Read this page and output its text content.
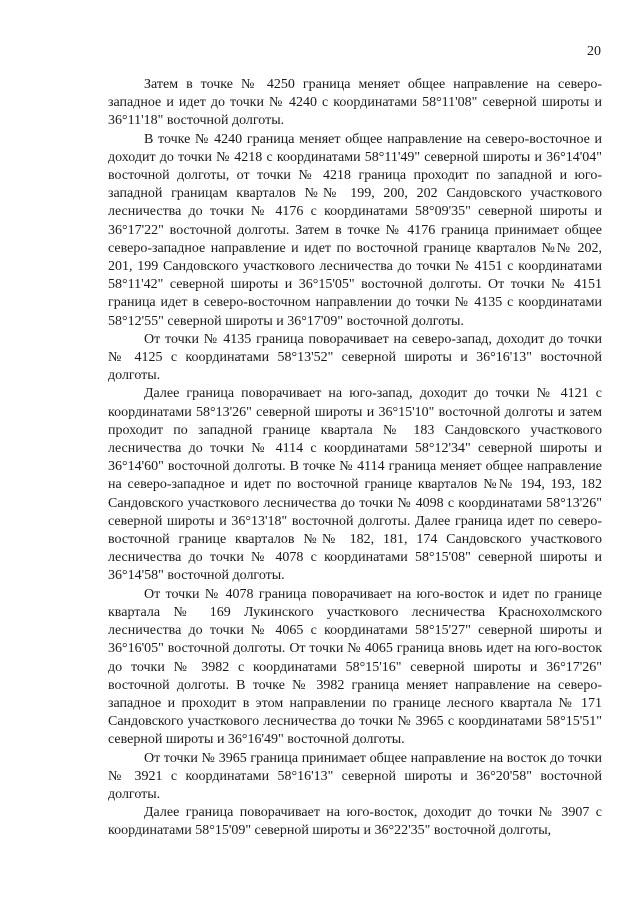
20

Затем в точке № 4250 граница меняет общее направление на северо-западное и идет до точки № 4240 с координатами 58°11'08" северной широты и 36°11'18" восточной долготы.

В точке № 4240 граница меняет общее направление на северо-восточное и доходит до точки № 4218 с координатами 58°11'49" северной широты и 36°14'04" восточной долготы, от точки № 4218 граница проходит по западной и юго-западной границам кварталов №№ 199, 200, 202 Сандовского участкового лесничества до точки № 4176 с координатами 58°09'35" северной широты и 36°17'22" восточной долготы. Затем в точке № 4176 граница принимает общее северо-западное направление и идет по восточной границе кварталов №№ 202, 201, 199 Сандовского участкового лесничества до точки № 4151 с координатами 58°11'42" северной широты и 36°15'05" восточной долготы. От точки № 4151 граница идет в северо-восточном направлении до точки № 4135 с координатами 58°12'55" северной широты и 36°17'09" восточной долготы.

От точки № 4135 граница поворачивает на северо-запад, доходит до точки № 4125 с координатами 58°13'52" северной широты и 36°16'13" восточной долготы.

Далее граница поворачивает на юго-запад, доходит до точки № 4121 с координатами 58°13'26" северной широты и 36°15'10" восточной долготы и затем проходит по западной границе квартала № 183 Сандовского участкового лесничества до точки № 4114 с координатами 58°12'34" северной широты и 36°14'60" восточной долготы. В точке № 4114 граница меняет общее направление на северо-западное и идет по восточной границе кварталов №№ 194, 193, 182 Сандовского участкового лесничества до точки № 4098 с координатами 58°13'26" северной широты и 36°13'18" восточной долготы. Далее граница идет по северо-восточной границе кварталов №№ 182, 181, 174 Сандовского участкового лесничества до точки № 4078 с координатами 58°15'08" северной широты и 36°14'58" восточной долготы.

От точки № 4078 граница поворачивает на юго-восток и идет по границе квартала № 169 Лукинского участкового лесничества Краснохолмского лесничества до точки № 4065 с координатами 58°15'27" северной широты и 36°16'05" восточной долготы. От точки № 4065 граница вновь идет на юго-восток до точки № 3982 с координатами 58°15'16" северной широты и 36°17'26" восточной долготы. В точке № 3982 граница меняет направление на северо-западное и проходит в этом направлении по границе лесного квартала № 171 Сандовского участкового лесничества до точки № 3965 с координатами 58°15'51" северной широты и 36°16'49" восточной долготы.

От точки № 3965 граница принимает общее направление на восток до точки № 3921 с координатами 58°16'13" северной широты и 36°20'58" восточной долготы.

Далее граница поворачивает на юго-восток, доходит до точки № 3907 с координатами 58°15'09" северной широты и 36°22'35" восточной долготы,
